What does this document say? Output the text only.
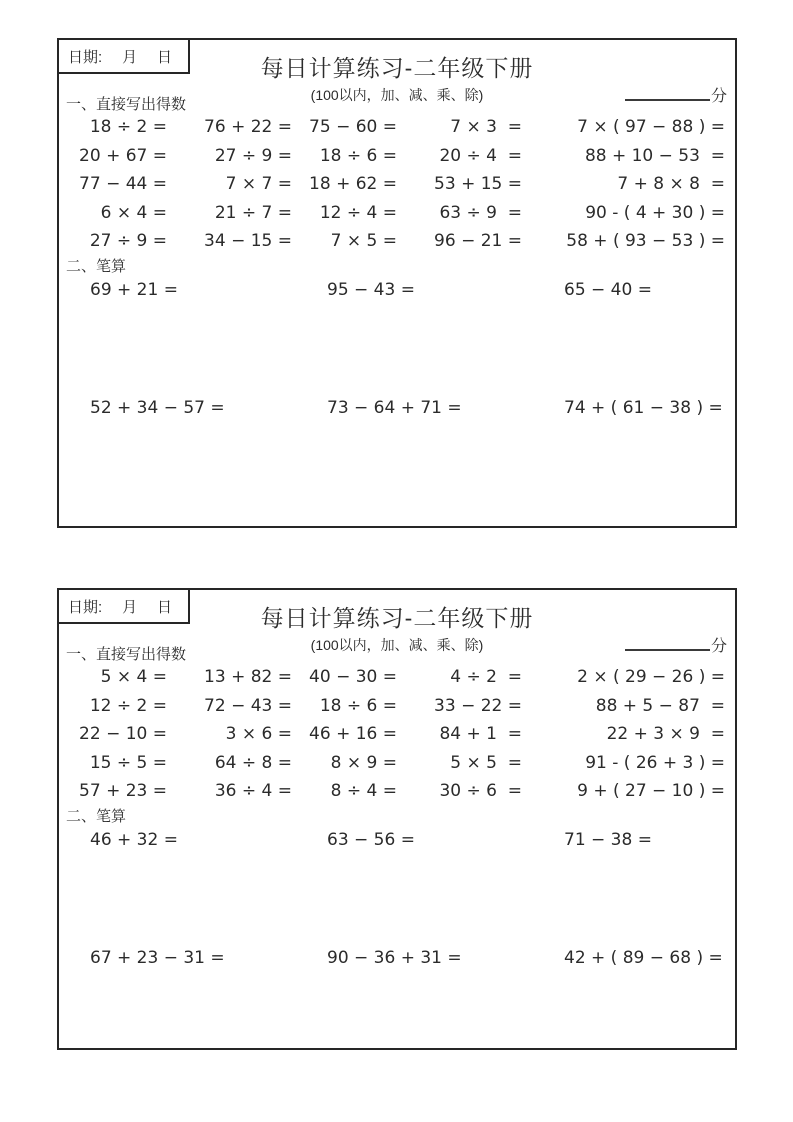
日期: 月 日	每日计算练习-二年级下册
(100以内，加、减、乘、除)	分
一、直接写出得数
18 ÷ 2 =	76 + 22 =	75 − 60 =	7 × 3  =	7 × ( 97 − 88 ) =
20 + 67 =	27 ÷ 9 =	18 ÷ 6 =	20 ÷ 4  =	88 + 10 − 53  =
77 − 44 =	7 × 7 =	18 + 62 =	53 + 15 =	7 + 8 × 8  =
6 × 4 =	21 ÷ 7 =	12 ÷ 4 =	63 ÷ 9  =	90 - ( 4 + 30 ) =
27 ÷ 9 =	34 − 15 =	7 × 5 =	96 − 21 =	58 + ( 93 − 53 ) =
二、笔算
69 + 21 =	95 − 43 =	65 − 40 =
52 + 34 − 57 =	73 − 64 + 71 =	74 + ( 61 − 38 ) =
日期: 月 日	每日计算练习-二年级下册
(100以内，加、减、乘、除)	分
一、直接写出得数
5 × 4 =	13 + 82 =	40 − 30 =	4 ÷ 2  =	2 × ( 29 − 26 ) =
12 ÷ 2 =	72 − 43 =	18 ÷ 6 =	33 − 22 =	88 + 5 − 87  =
22 − 10 =	3 × 6 =	46 + 16 =	84 + 1  =	22 + 3 × 9  =
15 ÷ 5 =	64 ÷ 8 =	8 × 9 =	5 × 5  =	91 - ( 26 + 3 ) =
57 + 23 =	36 ÷ 4 =	8 ÷ 4 =	30 ÷ 6  =	9 + ( 27 − 10 ) =
二、笔算
46 + 32 =	63 − 56 =	71 − 38 =
67 + 23 − 31 =	90 − 36 + 31 =	42 + ( 89 − 68 ) =
